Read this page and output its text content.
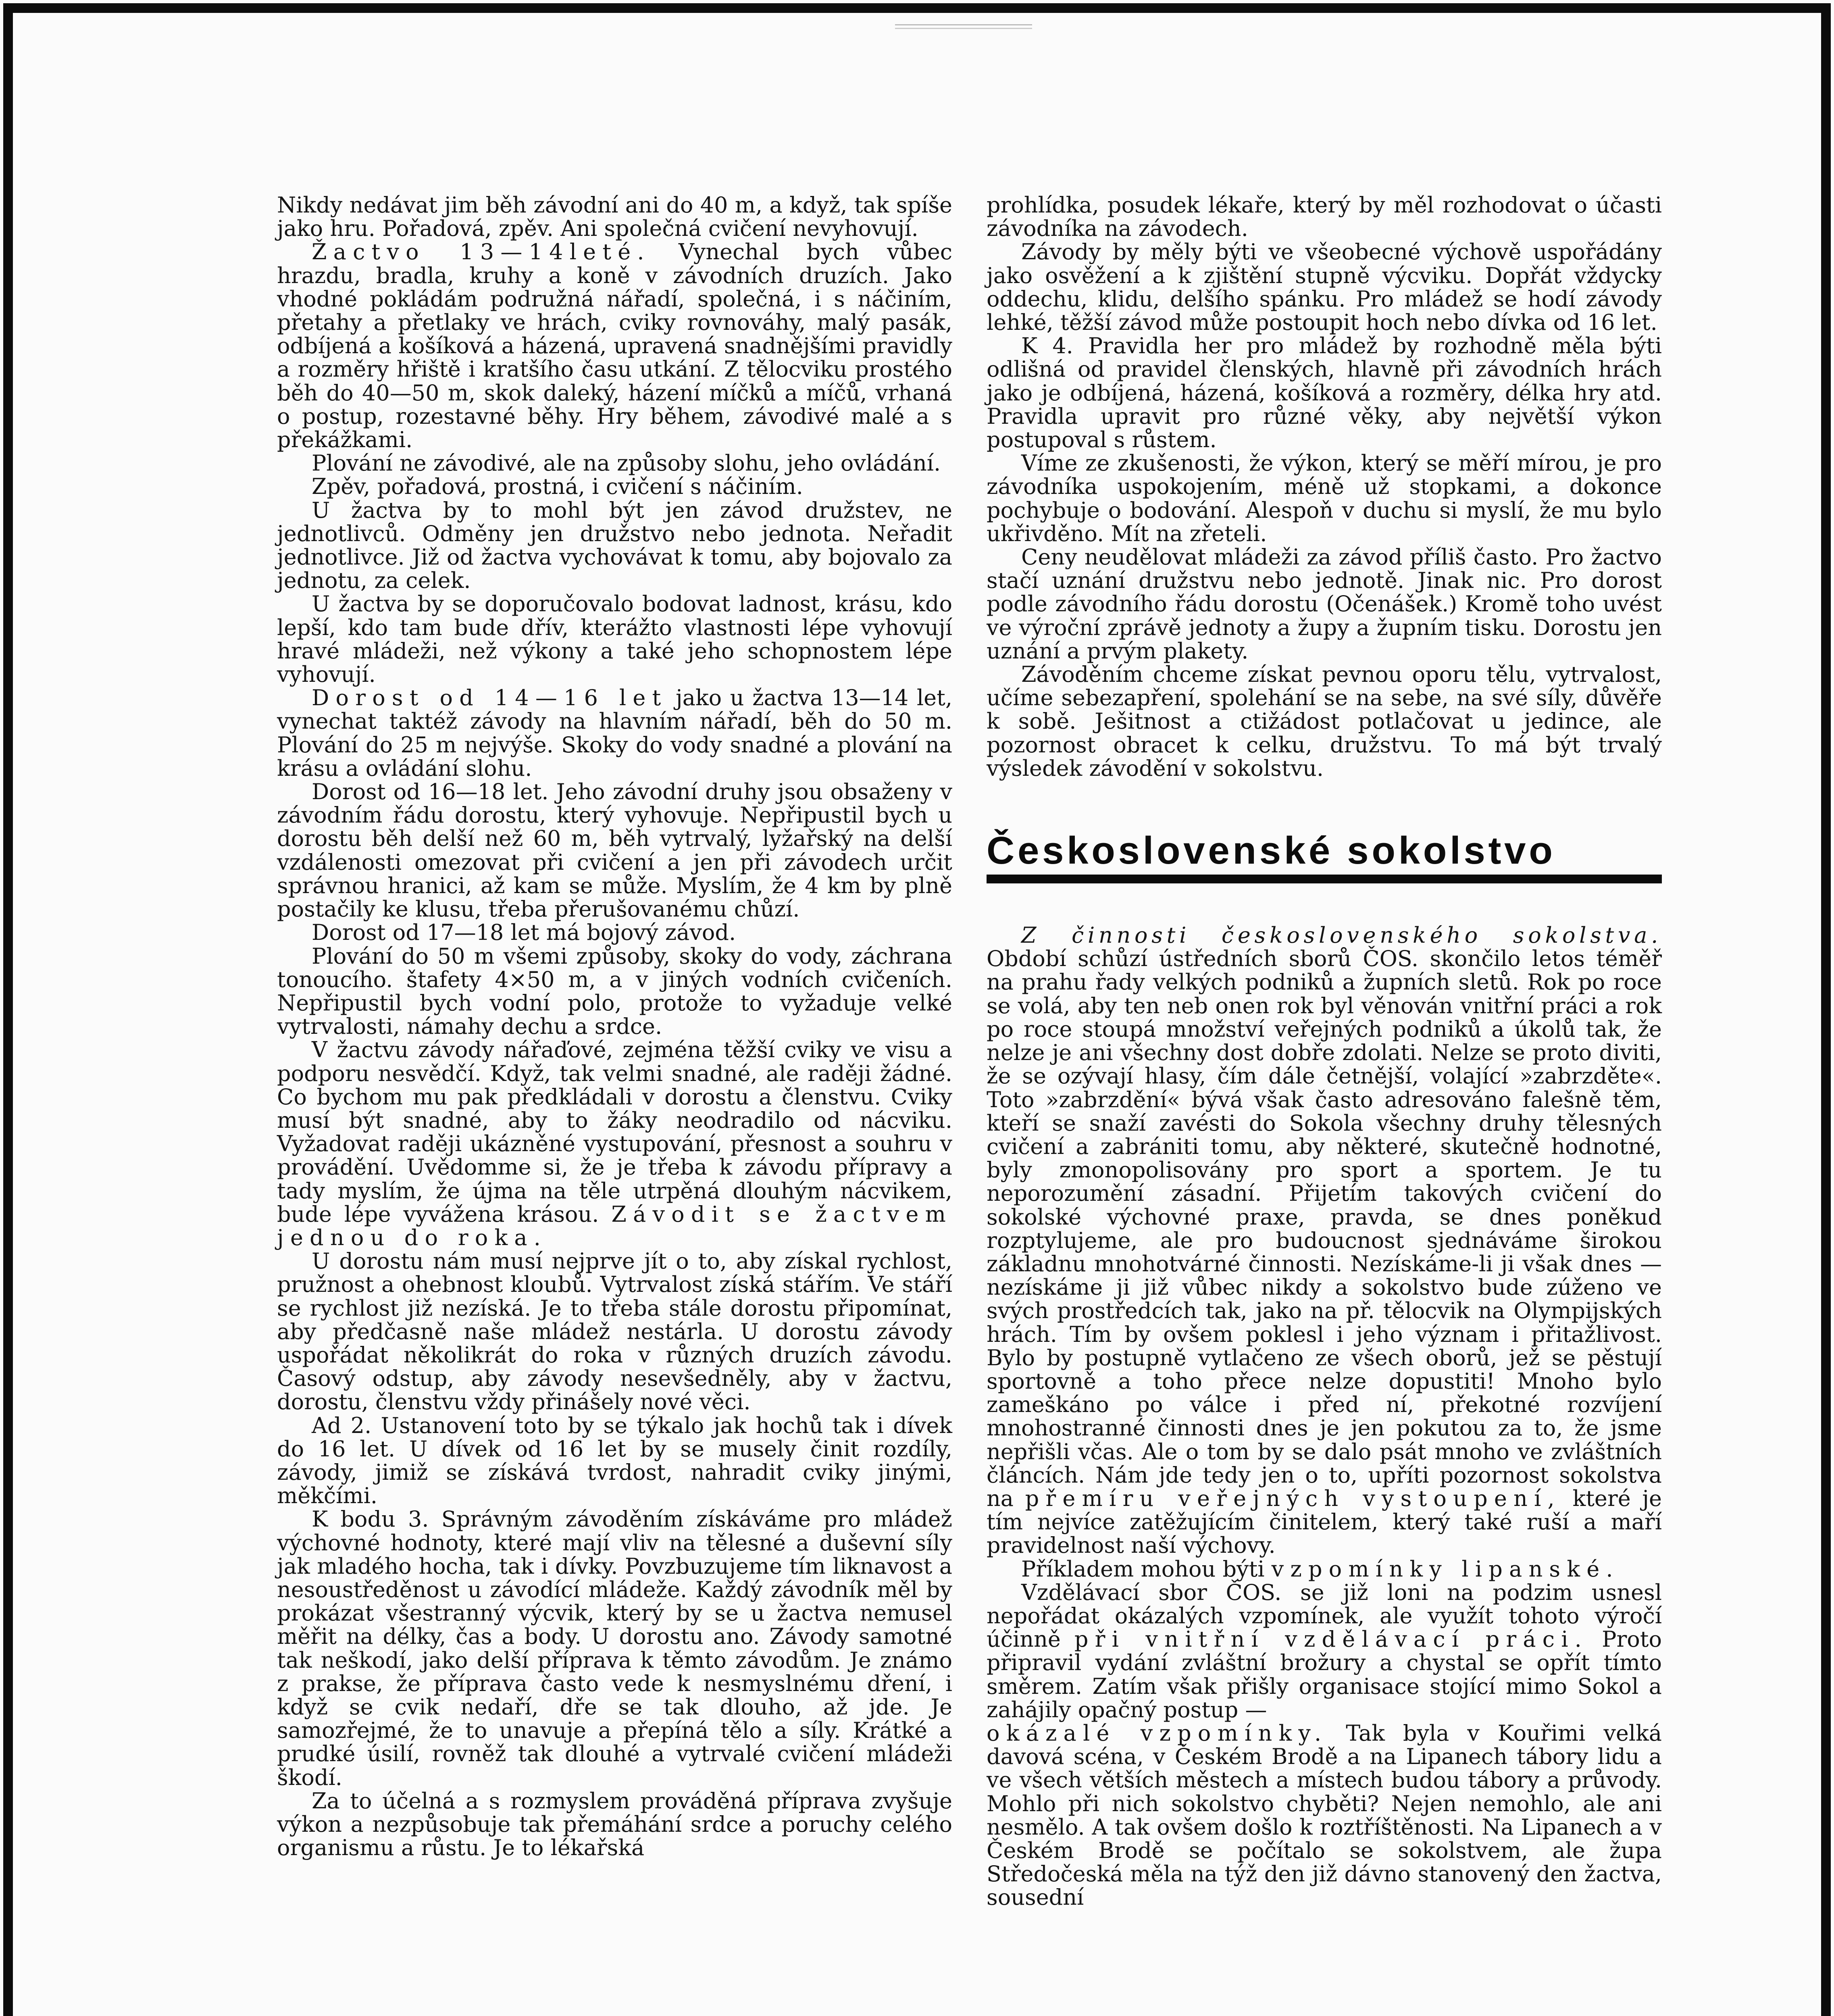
Nikdy nedávat jim běh závodní ani do 40 m, a když, tak spíše jako hru. Pořadová, zpěv. Ani společná cvičení nevyhovují.

Žactvo 13—14leté. Vynechal bych vůbec hrazdu, bradla, kruhy a koně v závodních druzích. Jako vhodné pokládám podružná nářadí, společná, i s náčiním, přetahy a přetlaky ve hrách, cviky rovnováhy, malý pasák, odbíjená a košíková a házená, upravená snadnějšími pravidly a rozměry hřiště i kratšího času utkání. Z tělocviku prostého běh do 40—50 m, skok daleký, házení míčků a míčů, vrhaná o postup, rozestavné běhy. Hry během, závodivé malé a s překážkami.

Plování ne závodivé, ale na způsoby slohu, jeho ovládání.

Zpěv, pořadová, prostná, i cvičení s náčiním.

U žactva by to mohl být jen závod družstev, ne jednotlivců. Odměny jen družstvo nebo jednota. Neřadit jednotlivce. Již od žactva vychovávat k tomu, aby bojovalo za jednotu, za celek.

U žactva by se doporučovalo bodovat ladnost, krásu, kdo lepší, kdo tam bude dřív, kterážto vlastnosti lépe vyhovují hravé mládeži, než výkony a také jeho schopnostem lépe vyhovují.

Dorost od 14—16 let jako u žactva 13—14 let, vynechat taktéž závody na hlavním nářadí, běh do 50 m. Plování do 25 m nejvýše. Skoky do vody snadné a plování na krásu a ovládání slohu.

Dorost od 16—18 let. Jeho závodní druhy jsou obsaženy v závodním řádu dorostu, který vyhovuje. Nepřipustil bych u dorostu běh delší než 60 m, běh vytrvalý, lyžařský na delší vzdálenosti omezovat při cvičení a jen při závodech určit správnou hranici, až kam se může. Myslím, že 4 km by plně postačily ke klusu, třeba přerušovanému chůzí.

Dorost od 17—18 let má bojový závod.

Plování do 50 m všemi způsoby, skoky do vody, záchrana tonoucího. štafety 4×50 m, a v jiných vodních cvičeních. Nepřipustil bych vodní polo, protože to vyžaduje velké vytrvalosti, námahy dechu a srdce.

V žactvu závody nářaďové, zejména těžší cviky ve visu a podporu nesvědčí. Když, tak velmi snadné, ale raději žádné. Co bychom mu pak předkládali v dorostu a členstvu. Cviky musí být snadné, aby to žáky neodradilo od nácviku. Vyžadovat raději ukázněné vystupování, přesnost a souhru v provádění. Uvědomme si, že je třeba k závodu přípravy a tady myslím, že újma na těle utrpěná dlouhým nácvikem, bude lépe vyvážena krásou. Závodit se žactvem jednou do roka.

U dorostu nám musí nejprve jít o to, aby získal rychlost, pružnost a ohebnost kloubů. Vytrvalost získá stářím. Ve stáří se rychlost již nezíská. Je to třeba stále dorostu připomínat, aby předčasně naše mládež nestárla. U dorostu závody uspořádat několikrát do roka v různých druzích závodu. Časový odstup, aby závody nesevšedněly, aby v žactvu, dorostu, členstvu vždy přinášely nové věci.

Ad 2. Ustanovení toto by se týkalo jak hochů tak i dívek do 16 let. U dívek od 16 let by se musely činit rozdíly, závody, jimiž se získává tvrdost, nahradit cviky jinými, měkčími.

K bodu 3. Správným závoděním získáváme pro mládež výchovné hodnoty, které mají vliv na tělesné a duševní síly jak mladého hocha, tak i dívky. Povzbuzujeme tím liknavost a nesoustředěnost u závodící mládeže. Každý závodník měl by prokázat všestranný výcvik, který by se u žactva nemusel měřit na délky, čas a body. U dorostu ano. Závody samotné tak neškodí, jako delší příprava k těmto závodům. Je známo z prakse, že příprava často vede k nesmyslnému dření, i když se cvik nedaří, dře se tak dlouho, až jde. Je samozřejmé, že to unavuje a přepíná tělo a síly. Krátké a prudké úsilí, rovněž tak dlouhé a vytrvalé cvičení mládeži škodí.

Za to účelná a s rozmyslem prováděná příprava zvyšuje výkon a nezpůsobuje tak přemáhání srdce a poruchy celého organismu a růstu. Je to lékařská

prohlídka, posudek lékaře, který by měl rozhodovat o účasti závodníka na závodech.

Závody by měly býti ve všeobecné výchově uspořádány jako osvěžení a k zjištění stupně výcviku. Dopřát vždycky oddechu, klidu, delšího spánku. Pro mládež se hodí závody lehké, těžší závod může postoupit hoch nebo dívka od 16 let.

K 4. Pravidla her pro mládež by rozhodně měla býti odlišná od pravidel členských, hlavně při závodních hrách jako je odbíjená, házená, košíková a rozměry, délka hry atd. Pravidla upravit pro různé věky, aby největší výkon postupoval s růstem.

Víme ze zkušenosti, že výkon, který se měří mírou, je pro závodníka uspokojením, méně už stopkami, a dokonce pochybuje o bodování. Alespoň v duchu si myslí, že mu bylo ukřivděno. Mít na zřeteli.

Ceny neudělovat mládeži za závod příliš často. Pro žactvo stačí uznání družstvu nebo jednotě. Jinak nic. Pro dorost podle závodního řádu dorostu (Očenášek.) Kromě toho uvést ve výroční zprávě jednoty a župy a župním tisku. Dorostu jen uznání a prvým plakety.

Závoděním chceme získat pevnou oporu tělu, vytrvalost, učíme sebezapření, spolehání se na sebe, na své síly, důvěře k sobě. Ješitnost a ctižádost potlačovat u jedince, ale pozornost obracet k celku, družstvu. To má být trvalý výsledek závodění v sokolstvu.

Československé sokolstvo

Z činnosti československého sokolstva. Období schůzí ústředních sborů ČOS. skončilo letos téměř na prahu řady velkých podniků a župních sletů. Rok po roce se volá, aby ten neb onen rok byl věnován vnitřní práci a rok po roce stoupá množství veřejných podniků a úkolů tak, že nelze je ani všechny dost dobře zdolati. Nelze se proto diviti, že se ozývají hlasy, čím dále četnější, volající »zabrzděte«. Toto »zabrzdění« bývá však často adresováno falešně těm, kteří se snaží zavésti do Sokola všechny druhy tělesných cvičení a zabrániti tomu, aby některé, skutečně hodnotné, byly zmonopolisovány pro sport a sportem. Je tu neporozumění zásadní. Přijetím takových cvičení do sokolské výchovné praxe, pravda, se dnes poněkud rozptylujeme, ale pro budoucnost sjednáváme širokou základnu mnohotvárné činnosti. Nezískáme-li ji však dnes — nezískáme ji již vůbec nikdy a sokolstvo bude zúženo ve svých prostředcích tak, jako na př. tělocvik na Olympijských hrách. Tím by ovšem poklesl i jeho význam i přitažlivost. Bylo by postupně vytlačeno ze všech oborů, jež se pěstují sportovně a toho přece nelze dopustiti! Mnoho bylo zameškáno po válce i před ní, překotné rozvíjení mnohostranné činnosti dnes je jen pokutou za to, že jsme nepřišli včas. Ale o tom by se dalo psát mnoho ve zvláštních článcích. Nám jde tedy jen o to, upříti pozornost sokolstva na přemíru veřejných vystoupení, které je tím nejvíce zatěžujícím činitelem, který také ruší a maří pravidelnost naší výchovy.

Příkladem mohou býti vzpomínky lipanské.

Vzdělávací sbor ČOS. se již loni na podzim usnesl nepořádat okázalých vzpomínek, ale využít tohoto výročí účinně při vnitřní vzdělávací práci. Proto připravil vydání zvláštní brožury a chystal se opřít tímto směrem. Zatím však přišly organisace stojící mimo Sokol a zahájily opačný postup —

okázalé vzpomínky. Tak byla v Kouřimi velká davová scéna, v Českém Brodě a na Lipanech tábory lidu a ve všech větších městech a místech budou tábory a průvody. Mohlo při nich sokolstvo chyběti? Nejen nemohlo, ale ani nesmělo. A tak ovšem došlo k roztříštěnosti. Na Lipanech a v Českém Brodě se počítalo se sokolstvem, ale župa Středočeská měla na týž den již dávno stanovený den žactva, sousední
